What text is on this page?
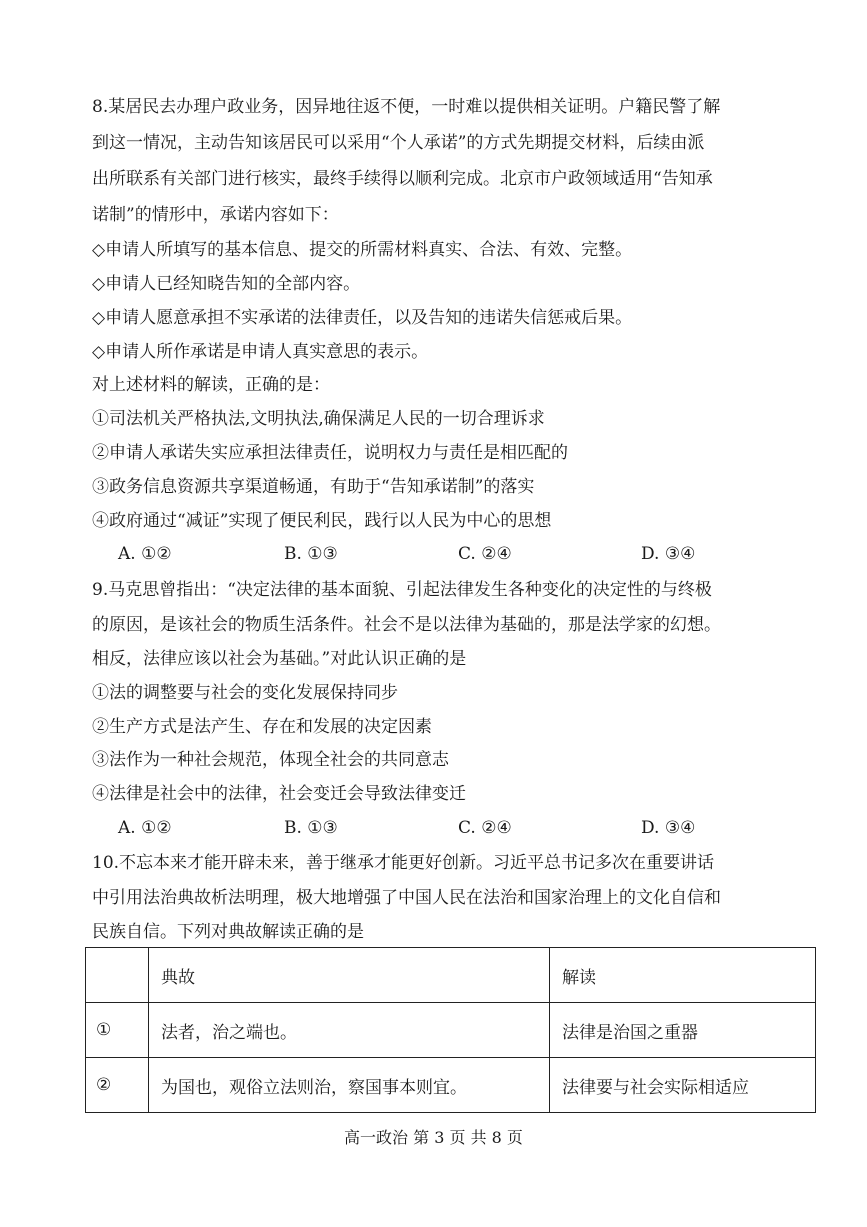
8.某居民去办理户政业务，因异地往返不便，一时难以提供相关证明。户籍民警了解
到这一情况，主动告知该居民可以采用“个人承诺”的方式先期提交材料，后续由派
出所联系有关部门进行核实，最终手续得以顺利完成。北京市户政领域适用“告知承
诺制”的情形中，承诺内容如下：
◇申请人所填写的基本信息、提交的所需材料真实、合法、有效、完整。
◇申请人已经知晓告知的全部内容。
◇申请人愿意承担不实承诺的法律责任，以及告知的违诺失信惩戒后果。
◇申请人所作承诺是申请人真实意思的表示。
对上述材料的解读，正确的是：
①司法机关严格执法,文明执法,确保满足人民的一切合理诉求
②申请人承诺失实应承担法律责任，说明权力与责任是相匹配的
③政务信息资源共享渠道畅通，有助于“告知承诺制”的落实
④政府通过“减证”实现了便民利民，践行以人民为中心的思想
A. ①②	B. ①③	C. ②④	D. ③④
9.马克思曾指出：“决定法律的基本面貌、引起法律发生各种变化的决定性的与终极
的原因，是该社会的物质生活条件。社会不是以法律为基础的，那是法学家的幻想。
相反，法律应该以社会为基础。”对此认识正确的是
①法的调整要与社会的变化发展保持同步
②生产方式是法产生、存在和发展的决定因素
③法作为一种社会规范，体现全社会的共同意志
④法律是社会中的法律，社会变迁会导致法律变迁
A. ①②	B. ①③	C. ②④	D. ③④
10.不忘本来才能开辟未来，善于继承才能更好创新。习近平总书记多次在重要讲话
中引用法治典故析法明理，极大地增强了中国人民在法治和国家治理上的文化自信和
民族自信。下列对典故解读正确的是
	典故	解读
①	法者，治之端也。	法律是治国之重器
②	为国也，观俗立法则治，察国事本则宜。	法律要与社会实际相适应
高一政治 第 3 页 共 8 页
